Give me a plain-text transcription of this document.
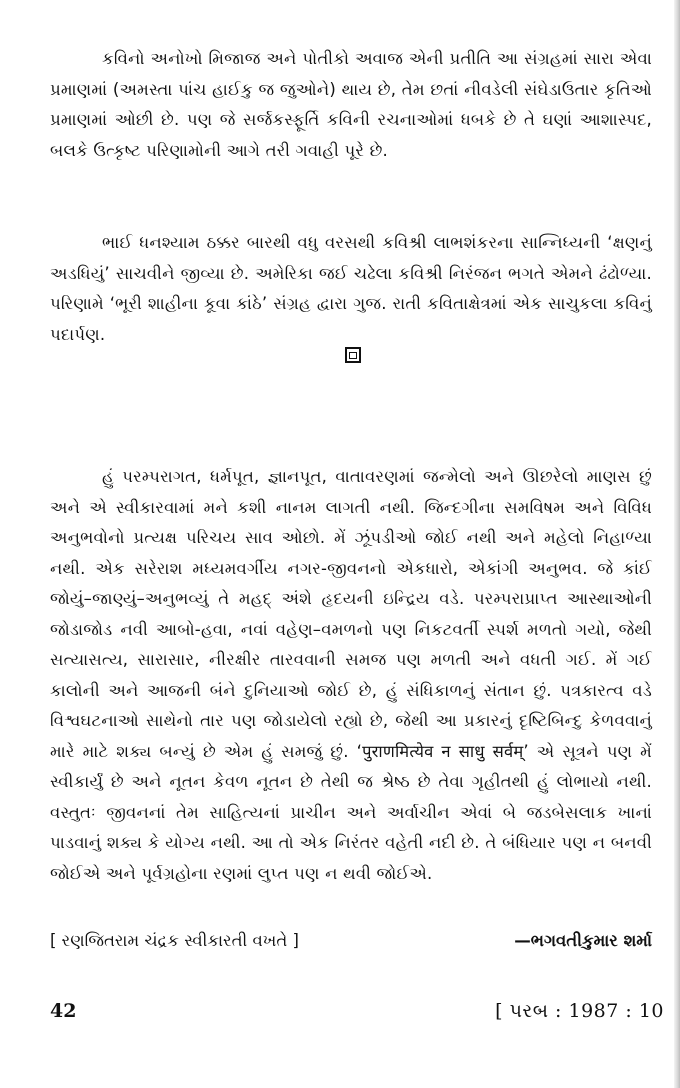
કવિનો અનોખો મિજાજ અને પોતીકો અવાજ એની પ્રતીતિ આ સંગ્રહમાં સારા એવા પ્રમાણમાં (અમસ્તા પાંચ હાઈકુ જ જુઓને) થાય છે, તેમ છતાં નીવડેલી સંઘેડાઉતાર કૃતિઓ પ્રમાણમાં ઓછી છે. પણ જે સર્જકસ્ફૂર્તિ કવિની રચનાઓમાં ધબકે છે તે ઘણાં આશાસ્પદ, બલકે ઉત્કૃષ્ટ પરિણામોની આગે તરી ગવાહી પૂરે છે.

ભાઈ ધનશ્યામ ઠક્કર બારથી વધુ વરસથી કવિશ્રી લાભશંકરના સાન્નિધ્યની ‘ક્ષણનું અડધિયું’ સાચવીને જીવ્યા છે. અમેરિકા જઈ ચઢેલા કવિશ્રી નિરંજન ભગતે એમને ઢંઢોળ્યા. પરિણામે ‘ભૂરી શાહીના કૂવા કાંઠે’ સંગ્રહ દ્વારા ગુજ. રાતી કવિતાક્ષેત્રમાં એક સાચુકલા કવિનું પદાર્પણ.

હું પરમ્પરાગત, ધર્મપૂત, જ્ઞાનપૂત, વાતાવરણમાં જન્મેલો અને ઊછરેલો માણસ છું અને એ સ્વીકારવામાં મને કશી નાનમ લાગતી નથી. જિન્દગીના સમવિષમ અને વિવિધ અનુભવોનો પ્રત્યક્ષ પરિચય સાવ ઓછો. મેં ઝૂંપડીઓ જોઈ નથી અને મહેલો નિહાળ્યા નથી. એક સરેરાશ મધ્યમવર્ગીય નગર-જીવનનો એકધારો, એકાંગી અનુભવ. જે કાંઈ જોયું–જાણ્યું–અનુભવ્યું તે મહદ્ અંશે હૃદયની ઇન્દ્રિય વડે. પરમ્પરાપ્રાપ્ત આસ્થાઓની જોડાજોડ નવી આબો-હવા, નવાં વહેણ–વમળનો પણ નિકટવર્તી સ્પર્શ મળતો ગયો, જેથી સત્યાસત્ય, સારાસાર, નીરક્ષીર તારવવાની સમજ પણ મળતી અને વધતી ગઈ. મેં ગઈ કાલોની અને આજની બંને દુનિયાઓ જોઈ છે, હું સંધિકાળનું સંતાન છું. પત્રકારત્વ વડે વિશ્વઘટનાઓ સાથેનો તાર પણ જોડાયેલો રહ્યો છે, જેથી આ પ્રકારનું દૃષ્ટિબિન્દુ કેળવવાનું મારે માટે શક્ય બન્યું છે એમ હું સમજું છું. ‘पुराणमित्येव न साधु सर्वम्’ એ સૂત્રને પણ મેં સ્વીકાર્યું છે અને નૂતન કેવળ નૂતન છે તેથી જ શ્રેષ્ઠ છે તેવા ગૃહીતથી હું લોભાયો નથી. વસ્તુતઃ જીવનનાં તેમ સાહિત્યનાં પ્રાચીન અને અર્વાચીન એવાં બે જડબેસલાક ખાનાં પાડવાનું શક્ય કે યોગ્ય નથી. આ તો એક નિરંતર વહેતી નદી છે. તે બંધિયાર પણ ન બનવી જોઈએ અને પૂર્વગ્રહોના રણમાં લુપ્ત પણ ન થવી જોઈએ.

[ રણજિતરામ ચંદ્રક સ્વીકારતી વખતે ]	—ભગવતીકુમાર શર્મા
42	[ પરબ : 1987 : 10
